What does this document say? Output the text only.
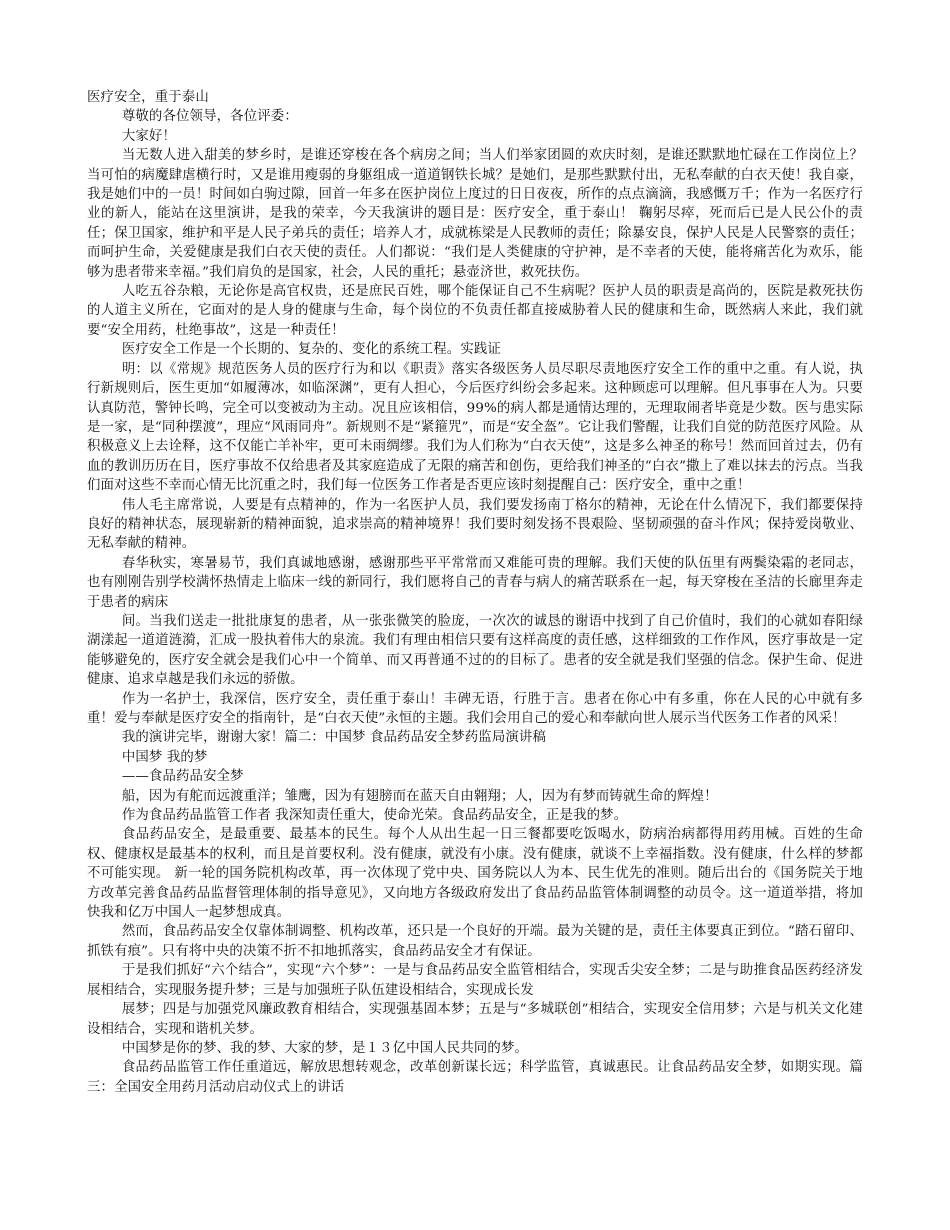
医疗安全，重于泰山

尊敬的各位领导，各位评委：

大家好！

当无数人进入甜美的梦乡时，是谁还穿梭在各个病房之间；当人们举家团圆的欢庆时刻，是谁还默默地忙碌在工作岗位上？当可怕的病魔肆虐横行时，又是谁用瘦弱的身躯组成一道道钢铁长城？是她们，是那些默默付出，无私奉献的白衣天使！我自豪，我是她们中的一员！时间如白驹过隙，回首一年多在医护岗位上度过的日日夜夜，所作的点点滴滴，我感慨万千；作为一名医疗行业的新人，能站在这里演讲，是我的荣幸，今天我演讲的题目是：医疗安全，重于泰山！ 鞠躬尽瘁，死而后已是人民公仆的责任；保卫国家，维护和平是人民子弟兵的责任；培养人才，成就栋梁是人民教师的责任；除暴安良，保护人民是人民警察的责任；而呵护生命，关爱健康是我们白衣天使的责任。人们都说：“我们是人类健康的守护神，是不幸者的天使，能将痛苦化为欢乐，能够为患者带来幸福。”我们肩负的是国家，社会，人民的重托；悬壶济世，救死扶伤。

人吃五谷杂粮，无论你是高官权贵，还是庶民百姓，哪个能保证自己不生病呢？医护人员的职责是高尚的，医院是救死扶伤的人道主义所在，它面对的是人身的健康与生命，每个岗位的不负责任都直接威胁着人民的健康和生命，既然病人来此，我们就要“安全用药，杜绝事故”，这是一种责任！

医疗安全工作是一个长期的、复杂的、变化的系统工程。实践证

明：以《常规》规范医务人员的医疗行为和以《职责》落实各级医务人员尽职尽责地医疗安全工作的重中之重。有人说，执行新规则后，医生更加“如履薄冰，如临深渊”，更有人担心，今后医疗纠纷会多起来。这种顾虑可以理解。但凡事事在人为。只要认真防范，警钟长鸣，完全可以变被动为主动。况且应该相信，99%的病人都是通情达理的，无理取闹者毕竟是少数。医与患实际是一家，是“同种摆渡”，理应“风雨同舟”。新规则不是“紧箍咒”，而是“安全盔”。它让我们警醒，让我们自觉的防范医疗风险。从积极意义上去诠释，这不仅能亡羊补牢，更可未雨绸缪。我们为人们称为“白衣天使”，这是多么神圣的称号！然而回首过去，仍有血的教训历历在目，医疗事故不仅给患者及其家庭造成了无限的痛苦和创伤，更给我们神圣的“白衣”撒上了难以抹去的污点。当我们面对这些不幸而心情无比沉重之时，我们每一位医务工作者是否更应该时刻提醒自己：医疗安全，重中之重！

伟人毛主席常说，人要是有点精神的，作为一名医护人员，我们要发扬南丁格尔的精神，无论在什么情况下，我们都要保持良好的精神状态，展现崭新的精神面貌，追求崇高的精神境界！我们要时刻发扬不畏艰险、坚韧顽强的奋斗作风；保持爱岗敬业、无私奉献的精神。

春华秋实，寒暑易节，我们真诚地感谢，感谢那些平平常常而又难能可贵的理解。我们天使的队伍里有两鬓染霜的老同志，也有刚刚告别学校满怀热情走上临床一线的新同行，我们愿将自己的青春与病人的痛苦联系在一起，每天穿梭在圣洁的长廊里奔走于患者的病床

间。当我们送走一批批康复的患者，从一张张微笑的脸庞，一次次的诚恳的谢语中找到了自己价值时，我们的心就如春阳绿湖漾起一道道涟漪，汇成一股执着伟大的泉流。我们有理由相信只要有这样高度的责任感，这样细致的工作作风，医疗事故是一定能够避免的，医疗安全就会是我们心中一个简单、而又再普通不过的的目标了。患者的安全就是我们坚强的信念。保护生命、促进健康、追求卓越是我们永远的骄傲。

作为一名护士，我深信，医疗安全，责任重于泰山！丰碑无语，行胜于言。患者在你心中有多重，你在人民的心中就有多重！爱与奉献是医疗安全的指南针，是“白衣天使”永恒的主题。我们会用自己的爱心和奉献向世人展示当代医务工作者的风采！

我的演讲完毕，谢谢大家！篇二：中国梦 食品药品安全梦药监局演讲稿

中国梦 我的梦

——食品药品安全梦

船，因为有舵而远渡重洋；雏鹰，因为有翅膀而在蓝天自由翱翔；人，因为有梦而铸就生命的辉煌！

作为食品药品监管工作者 我深知责任重大，使命光荣。食品药品安全，正是我的梦。

食品药品安全，是最重要、最基本的民生。每个人从出生起一日三餐都要吃饭喝水，防病治病都得用药用械。百姓的生命权、健康权是最基本的权利，而且是首要权利。没有健康，就没有小康。没有健康，就谈不上幸福指数。没有健康，什么样的梦都不可能实现。 新一轮的国务院机构改革，再一次体现了党中央、国务院以人为本、民生优先的准则。随后出台的《国务院关于地方改革完善食品药品监督管理体制的指导意见》，又向地方各级政府发出了食品药品监管体制调整的动员令。这一道道举措，将加快我和亿万中国人一起梦想成真。

然而，食品药品安全仅靠体制调整、机构改革，还只是一个良好的开端。最为关键的是，责任主体要真正到位。“踏石留印、抓铁有痕”。只有将中央的决策不折不扣地抓落实，食品药品安全才有保证。

于是我们抓好“六个结合”，实现“六个梦”：一是与食品药品安全监管相结合，实现舌尖安全梦；二是与助推食品医药经济发展相结合，实现服务提升梦；三是与加强班子队伍建设相结合，实现成长发

展梦；四是与加强党风廉政教育相结合，实现强基固本梦；五是与“多城联创”相结合，实现安全信用梦；六是与机关文化建设相结合，实现和谐机关梦。

中国梦是你的梦、我的梦、大家的梦，是１３亿中国人民共同的梦。

食品药品监管工作任重道远，解放思想转观念，改革创新谋长远；科学监管，真诚惠民。让食品药品安全梦，如期实现。篇三：全国安全用药月活动启动仪式上的讲话
